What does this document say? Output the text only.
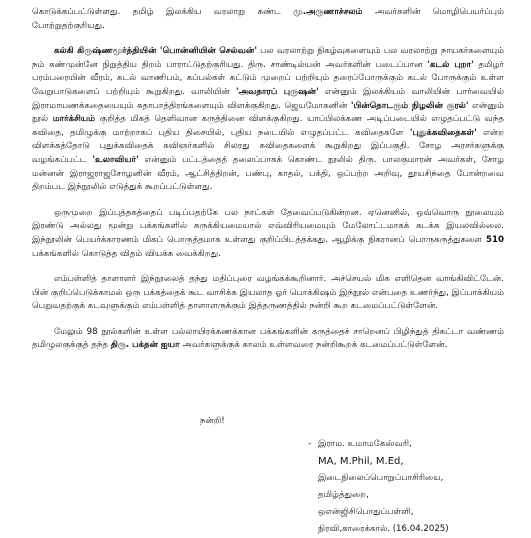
கொடுக்கப்பட்டுள்ளது. தமிழ் இலக்கிய வரலாறு கண்ட மு.அருணாச்சலம் அவர்களின் மொழிபெயர்ப்பும் போற்றுதற்குரியது.

கல்கி கிருஷ்ணமூர்த்தியின் 'பொன்னியின் செல்வன்' பல வரலாற்று நிகழ்வுகளையும் பல வரலாற்று நாயகர்களையும் நம் கண்முன்னே நிறுத்திய திறம் பாராட்டுதற்குரியது. திரு. சாண்டில்யன் அவர்களின் படைப்பான 'கடல் புறா' தமிழர் பரம்பரையின் வீரம், கடல் வாணிபம், கப்பல்கள் கட்டும் முறைப் பற்றியும் தரைப்போருக்கும் கடல் போருக்கும் உள்ள வேறுபாடுகளைப் பற்றியும் கூறுகிறது. வாலியின் 'அவதாரப் புருஷன்' என்னும் இலக்கியம் வாலியின் பார்வையில் இராமாயணக்கதையையும் கதாபாத்திரங்களையும் விளக்குகிறது. ஜெயமோகனின் 'பின்தொடரும் நிழலின் குரல்' என்னும் நூல் மார்க்சியம் குறித்த மிகத் தெளிவான கருத்தினை விளக்குகிறது. யாப்பிலக்கண அடிப்படையில் எழுதப்பட்டு வந்த கவிதை, தமிழுக்கு மாற்றாகப் புதிய திசையில், புதிய நடையில் எழுதப்பட்ட கவிதைகளே 'புதுக்கவிதைகள்' என்ற விளக்கத்தோடு புதுக்கவிதைக் கவிஞர்களில் சிலரது கவிதைகளைக் கூறுகிறது இப்பகுதி. சோழ அரசர்களுக்கு வழங்கப்பட்ட 'உலாவியர்' என்னும் பட்டத்தைத் தலைப்பாகக் கொண்ட நூலில் திரு. பாலகுமாரன் அவர்கள், சோழ மன்னன் இராஜராஜசோழனின் வீரம், ஆட்சித்திறன், பண்பு, காதல், பக்தி, ஒப்பற்ற அறிவு, தூயசிந்தை போன்றவை திறம்பட இந்நூலில் எடுத்துக் கூறப்பட்டுள்ளது.

ஒருமுறை இப்புத்தகத்தைப் படிப்பதற்கே பல நாட்கள் தேவைப்படுகின்றன. ஏனெனில், ஒவ்வொரு நூலையும் இரண்டு அல்லது மூன்று பக்கங்களில் சுருக்கியமையால் எவ்விரியமையும் மேலோட்டமாகக் கடக்க இயலவில்லை. இந்நூலின் பெயர்க்காரணம் மிகப் பொருத்தமாக உள்ளது குறிப்பிடத்தக்கது. ஆழிக்கு நிகரானப் பொருகருத்துகளை 510 பக்கங்களில் கொடுத்த விதம் வியக்க வைக்கிறது.

எம்பள்ளித் தாளாளர் இந்நூலைத் தந்து மதிப்புரை வழங்கக்கூறினார். அச்செயல் மிக எளிதென வாங்கிவிட்டேன். பின் குறிப்பெடுக்காமல் ஒரு பக்கத்தைக் கூட வாசிக்க இயலாத ஓர் பொக்கிஷம் இந்நூல் என்பதை உணர்ந்து, இப்பாக்கியம் பெறுவதற்குக் கடவுளுக்கும் எம்பள்ளித் தாளாளருக்கும் இத்தருணத்தில் நன்றி கூற கடமைப்பட்டுள்ளேன்.

மேலும் 98 நூல்களின் உள்ள பல்லாயிரக்கணக்கான பக்கங்களின் கருத்தைச் சாறெனப் பிழிந்துத் திகட்டா வண்ணம் தமிழுலகுக்குத் தந்த திரு. பக்தன் ஐயா அவர்களுக்குக் காலம் உள்ளவரை நன்றிகூறக் கடமைப்பட்டுள்ளேன்.

நன்றி!
- இராம. உமாமகேஸ்வரி,
MA, M.Phil, M.Ed,
இடைநிலைப்பொறுப்பாசிரியை,
தமிழ்த்துறை,
ஒஎன்ஜிசிபொதுப்பள்ளி,
நிரவி,காரைக்கால். (16.04.2025)
